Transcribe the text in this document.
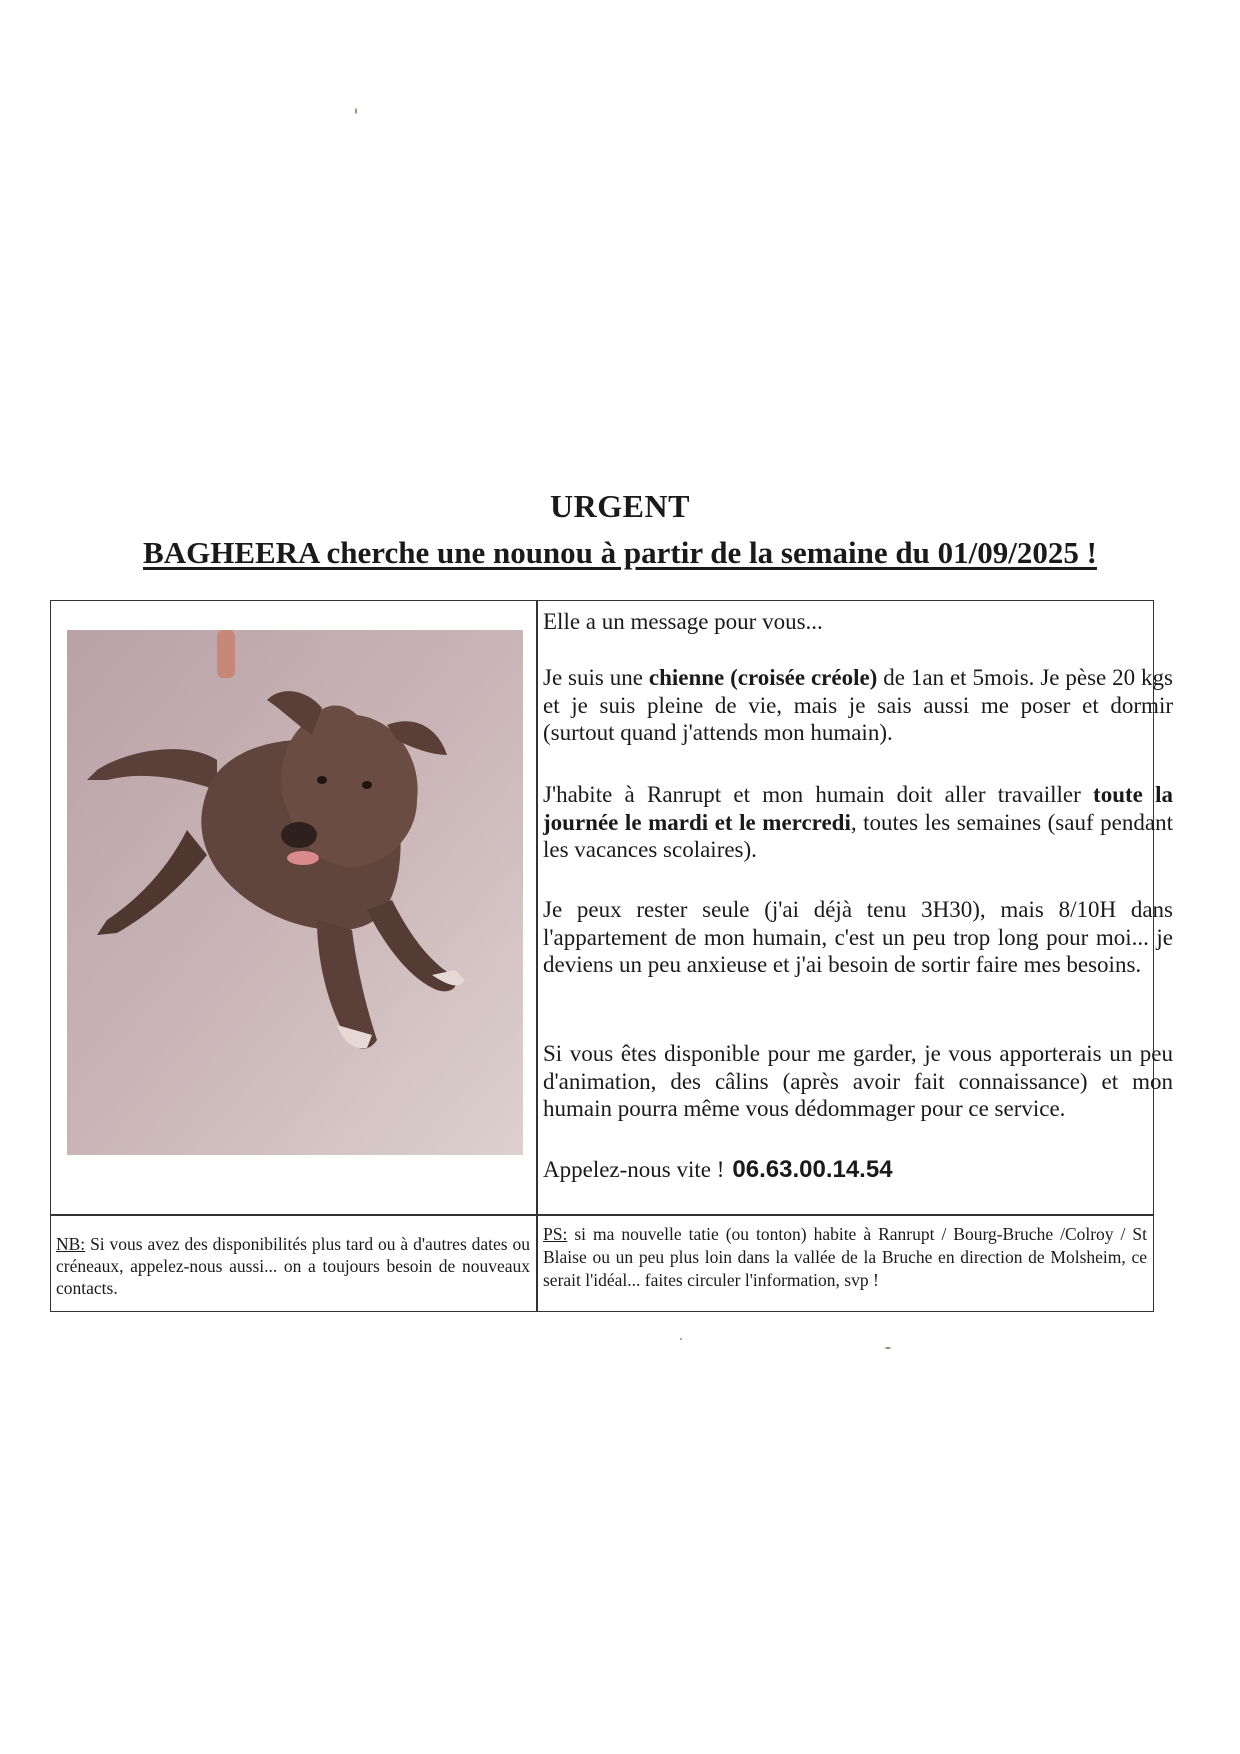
URGENT
BAGHEERA cherche une nounou à partir de la semaine du 01/09/2025 !
Elle a un message pour vous...
Je suis une chienne (croisée créole) de 1an et 5mois. Je pèse 20 kgs et je suis pleine de vie, mais je sais aussi me poser et dormir (surtout quand j'attends mon humain).
J'habite à Ranrupt et mon humain doit aller travailler toute la journée le mardi et le mercredi, toutes les semaines (sauf pendant les vacances scolaires).
Je peux rester seule (j'ai déjà tenu 3H30), mais 8/10H dans l'appartement de mon humain, c'est un peu trop long pour moi... je deviens un peu anxieuse et j'ai besoin de sortir faire mes besoins.
Si vous êtes disponible pour me garder, je vous apporterais un peu d'animation, des câlins (après avoir fait connaissance) et mon humain pourra même vous dédommager pour ce service.
Appelez-nous vite ! 06.63.00.14.54
NB: Si vous avez des disponibilités plus tard ou à d'autres dates ou créneaux, appelez-nous aussi... on a toujours besoin de nouveaux contacts.
PS: si ma nouvelle tatie (ou tonton) habite à Ranrupt / Bourg-Bruche /Colroy / St Blaise ou un peu plus loin dans la vallée de la Bruche en direction de Molsheim, ce serait l'idéal... faites circuler l'information, svp !
